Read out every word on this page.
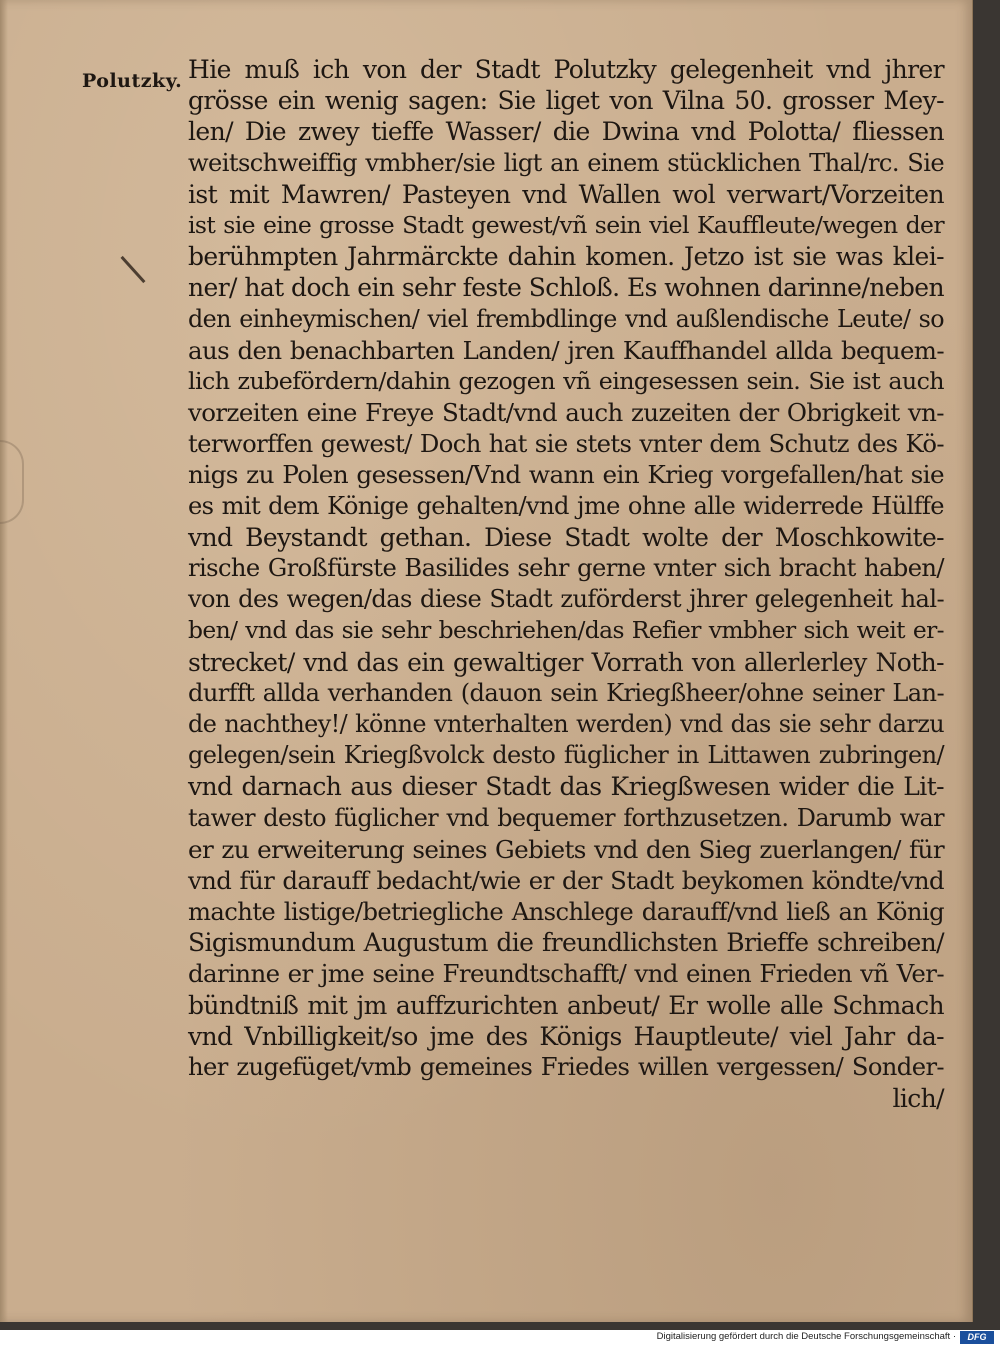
Polutzky. Hie muß ich von der Stadt Polutzky gelegenheit vnd jhrer
grösse ein wenig sagen: Sie liget von Vilna 50. grosser Mey-
len/ Die zwey tieffe Wasser/ die Dwina vnd Polotta/ fliessen
weitschweiffig vmbher/sie ligt an einem stücklichen Thal/rc. Sie
ist mit Mawren/ Pasteyen vnd Wallen wol verwart/Vorzeiten
ist sie eine grosse Stadt gewest/vñ sein viel Kauffleute/wegen der
berühmpten Jahrmärckte dahin komen. Jetzo ist sie was klei-
ner/ hat doch ein sehr feste Schloß. Es wohnen darinne/neben
den einheymischen/ viel frembdlinge vnd außlendische Leute/ so
aus den benachbarten Landen/ jren Kauffhandel allda bequem-
lich zubefördern/dahin gezogen vñ eingesessen sein. Sie ist auch
vorzeiten eine Freye Stadt/vnd auch zuzeiten der Obrigkeit vn-
terworffen gewest/ Doch hat sie stets vnter dem Schutz des Kö-
nigs zu Polen gesessen/Vnd wann ein Krieg vorgefallen/hat sie
es mit dem Könige gehalten/vnd jme ohne alle widerrede Hülffe
vnd Beystandt gethan. Diese Stadt wolte der Moschkowite-
rische Großfürste Basilides sehr gerne vnter sich bracht haben/
von des wegen/das diese Stadt zuförderst jhrer gelegenheit hal-
ben/ vnd das sie sehr beschriehen/das Refier vmbher sich weit er-
strecket/ vnd das ein gewaltiger Vorrath von allerlerley Noth-
durfft allda verhanden (dauon sein Kriegßheer/ohne seiner Lan-
de nachthey!/ könne vnterhalten werden) vnd das sie sehr darzu
gelegen/sein Kriegßvolck desto füglicher in Littawen zubringen/
vnd darnach aus dieser Stadt das Kriegßwesen wider die Lit-
tawer desto füglicher vnd bequemer forthzusetzen. Darumb war
er zu erweiterung seines Gebiets vnd den Sieg zuerlangen/ für
vnd für darauff bedacht/wie er der Stadt beykomen köndte/vnd
machte listige/betriegliche Anschlege darauff/vnd ließ an König
Sigismundum Augustum die freundlichsten Brieffe schreiben/
darinne er jme seine Freundtschafft/ vnd einen Frieden vñ Ver-
bündtniß mit jm auffzurichten anbeut/ Er wolle alle Schmach
vnd Vnbilligkeit/so jme des Königs Hauptleute/ viel Jahr da-
her zugefüget/vmb gemeines Friedes willen vergessen/ Sonder-
lich/
Digitalisierung gefördert durch die Deutsche Forschungsgemeinschaft ·	DFG
